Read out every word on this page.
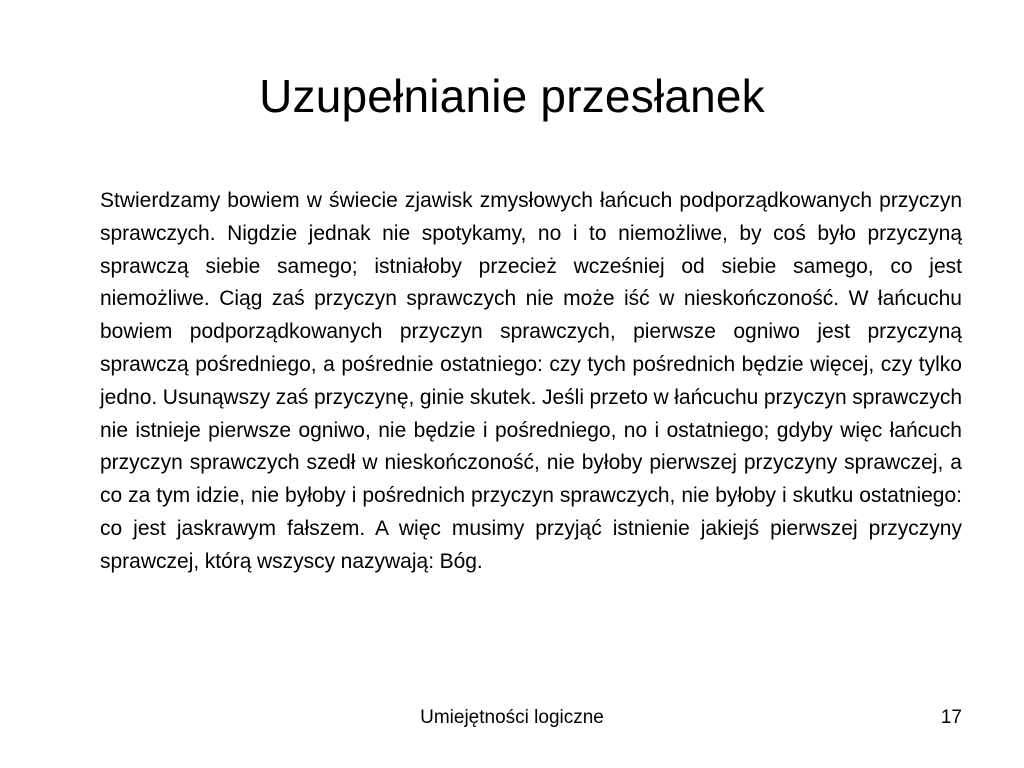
Uzupełnianie przesłanek

Stwierdzamy bowiem w świecie zjawisk zmysłowych łańcuch podporządkowanych przyczyn sprawczych. Nigdzie jednak nie spotykamy, no i to niemożliwe, by coś było przyczyną sprawczą siebie samego; istniałoby przecież wcześniej od siebie samego, co jest niemożliwe. Ciąg zaś przyczyn sprawczych nie może iść w nieskończoność. W łańcuchu bowiem podporządkowanych przyczyn sprawczych, pierwsze ogniwo jest przyczyną sprawczą pośredniego, a pośrednie ostatniego: czy tych pośrednich będzie więcej, czy tylko jedno. Usunąwszy zaś przyczynę, ginie skutek. Jeśli przeto w łańcuchu przyczyn sprawczych nie istnieje pierwsze ogniwo, nie będzie i pośredniego, no i ostatniego; gdyby więc łańcuch przyczyn sprawczych szedł w nieskończoność, nie byłoby pierwszej przyczyny sprawczej, a co za tym idzie, nie byłoby i pośrednich przyczyn sprawczych, nie byłoby i skutku ostatniego: co jest jaskrawym fałszem. A więc musimy przyjąć istnienie jakiejś pierwszej przyczyny sprawczej, którą wszyscy nazywają: Bóg.

Umiejętności logiczne	17
